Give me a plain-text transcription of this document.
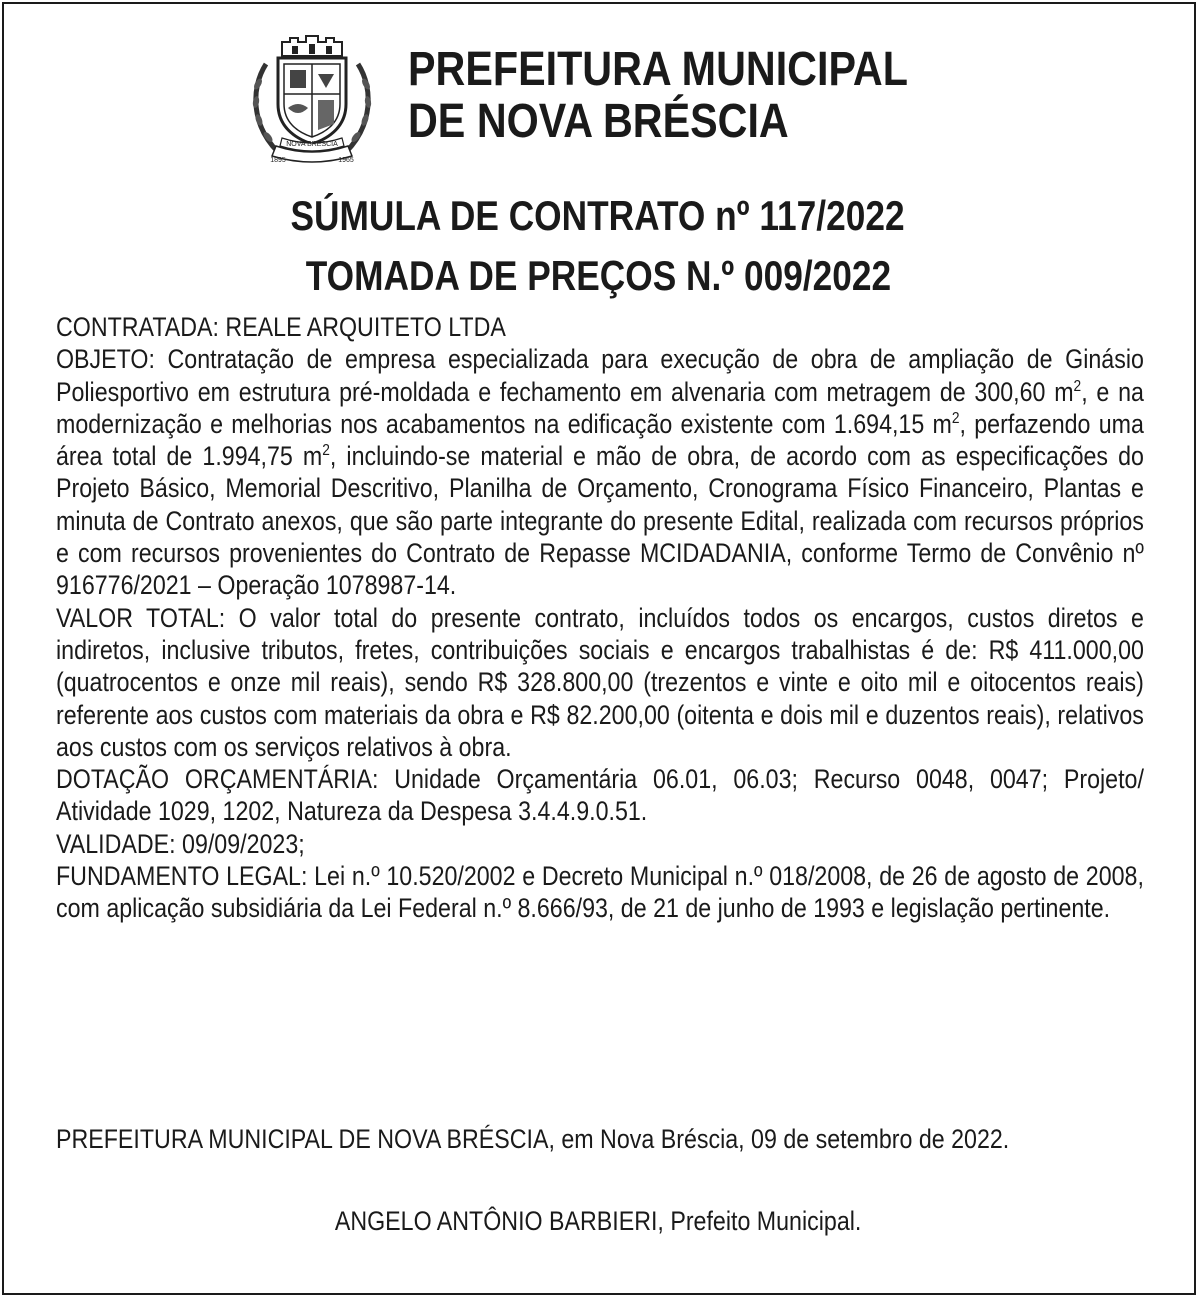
NOVA BRESCIA
1895	1965
PREFEITURA MUNICIPAL
DE NOVA BRÉSCIA
SÚMULA DE CONTRATO nº 117/2022
TOMADA DE PREÇOS N.º 009/2022
CONTRATADA: REALE ARQUITETO LTDA
OBJETO: Contratação de empresa especializada para execução de obra de ampliação de Ginásio Poliesportivo em estrutura pré-moldada e fechamento em alvenaria com metragem de 300,60 $m^2$, e na modernização e melhorias nos acabamentos na edificação existente com 1.694,15 $m^2$, perfazendo uma área total de 1.994,75 $m^2$, incluindo-se material e mão de obra, de acordo com as especificações do Projeto Básico, Memorial Descritivo, Planilha de Orçamento, Cronograma Físico Financeiro, Plantas e minuta de Contrato anexos, que são parte integrante do presente Edital, realizada com recursos próprios e com recursos provenientes do Contrato de Repasse MCIDADANIA, conforme Termo de Convênio nº 916776/2021 – Operação 1078987-14.
VALOR TOTAL: O valor total do presente contrato, incluídos todos os encargos, custos diretos e indiretos, inclusive tributos, fretes, contribuições sociais e encargos trabalhistas é de: R$ 411.000,00 (quatrocentos e onze mil reais), sendo R$ 328.800,00 (trezentos e vinte e oito mil e oitocentos reais) referente aos custos com materiais da obra e R$ 82.200,00 (oitenta e dois mil e duzentos reais), relativos aos custos com os serviços relativos à obra.
DOTAÇÃO ORÇAMENTÁRIA: Unidade Orçamentária 06.01, 06.03; Recurso 0048, 0047; Projeto/ Atividade 1029, 1202, Natureza da Despesa 3.4.4.9.0.51.
VALIDADE: 09/09/2023;
FUNDAMENTO LEGAL: Lei n.º 10.520/2002 e Decreto Municipal n.º 018/2008, de 26 de agosto de 2008, com aplicação subsidiária da Lei Federal n.º 8.666/93, de 21 de junho de 1993 e legislação pertinente.
PREFEITURA MUNICIPAL DE NOVA BRÉSCIA, em Nova Bréscia, 09 de setembro de 2022.
ANGELO ANTÔNIO BARBIERI, Prefeito Municipal.
